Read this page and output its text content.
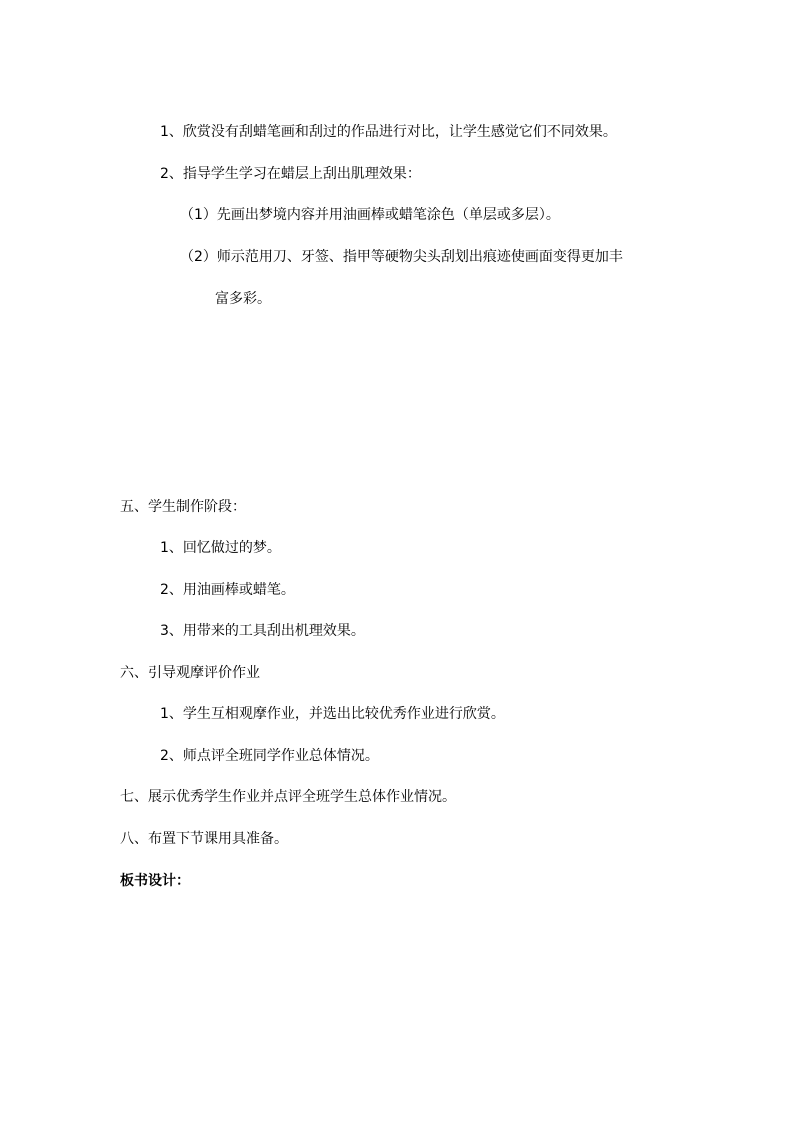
1、欣赏没有刮蜡笔画和刮过的作品进行对比，让学生感觉它们不同效果。

2、指导学生学习在蜡层上刮出肌理效果：

（1）先画出梦境内容并用油画棒或蜡笔涂色（单层或多层）。

（2）师示范用刀、牙签、指甲等硬物尖头刮划出痕迹使画面变得更加丰

富多彩。

五、学生制作阶段：

1、回忆做过的梦。

2、用油画棒或蜡笔。

3、用带来的工具刮出机理效果。

六、引导观摩评价作业

1、学生互相观摩作业，并选出比较优秀作业进行欣赏。

2、师点评全班同学作业总体情况。

七、展示优秀学生作业并点评全班学生总体作业情况。

八、布置下节课用具准备。

板书设计：
